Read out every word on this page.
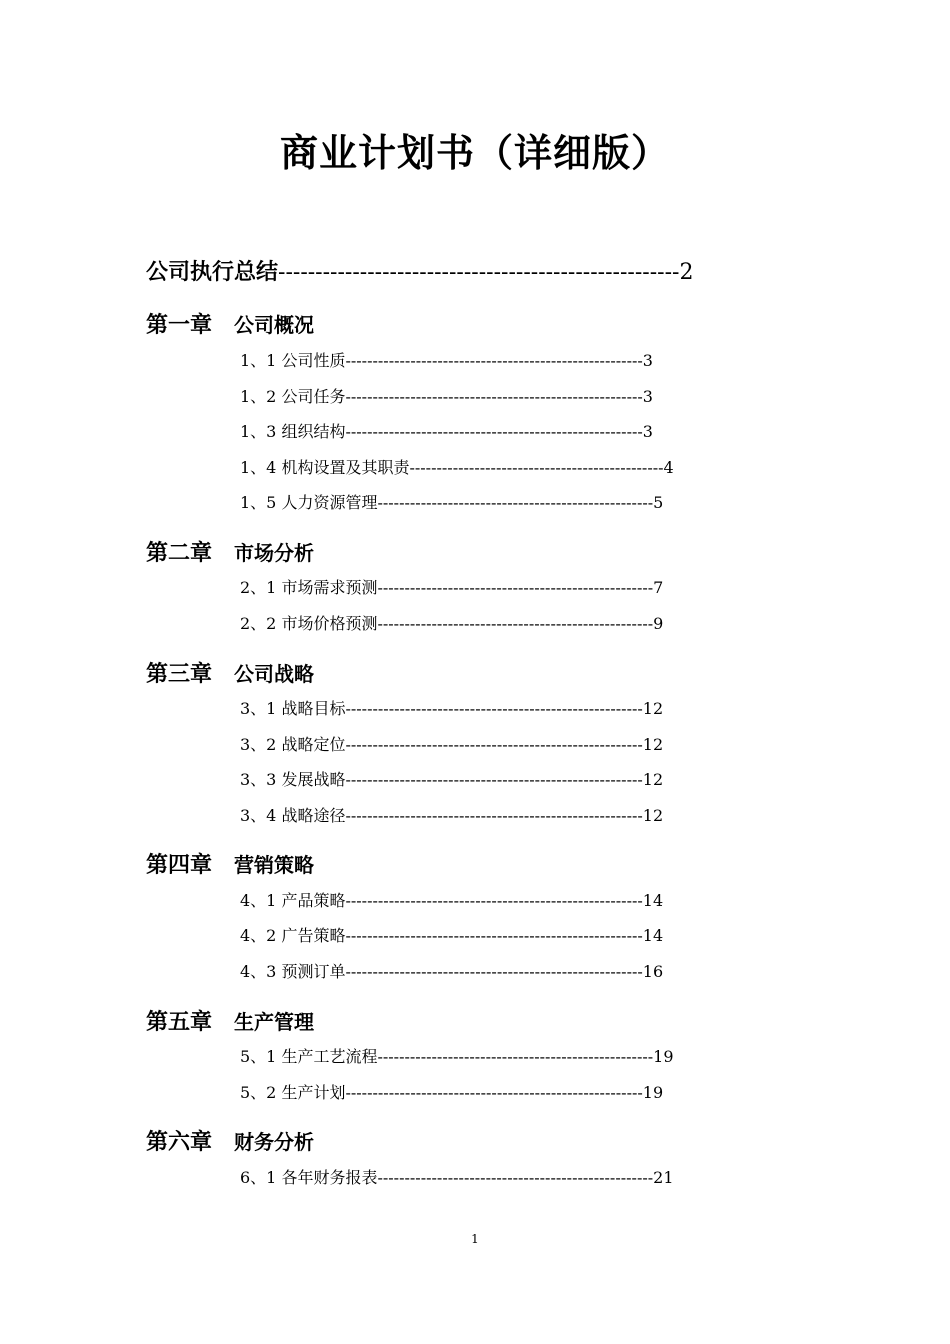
商业计划书（详细版）
公司执行总结------------------------------------------------------2
第一章 公司概况
1、1 公司性质-------------------------------------------------------3
1、2 公司任务-------------------------------------------------------3
1、3 组织结构-------------------------------------------------------3
1、4 机构设置及其职责-----------------------------------------------4
1、5 人力资源管理---------------------------------------------------5
第二章 市场分析
2、1 市场需求预测---------------------------------------------------7
2、2 市场价格预测---------------------------------------------------9
第三章 公司战略
3、1 战略目标-------------------------------------------------------12
3、2 战略定位-------------------------------------------------------12
3、3 发展战略-------------------------------------------------------12
3、4 战略途径-------------------------------------------------------12
第四章 营销策略
4、1 产品策略-------------------------------------------------------14
4、2 广告策略-------------------------------------------------------14
4、3 预测订单-------------------------------------------------------16
第五章 生产管理
5、1 生产工艺流程---------------------------------------------------19
5、2 生产计划-------------------------------------------------------19
第六章 财务分析
6、1 各年财务报表---------------------------------------------------21
1
